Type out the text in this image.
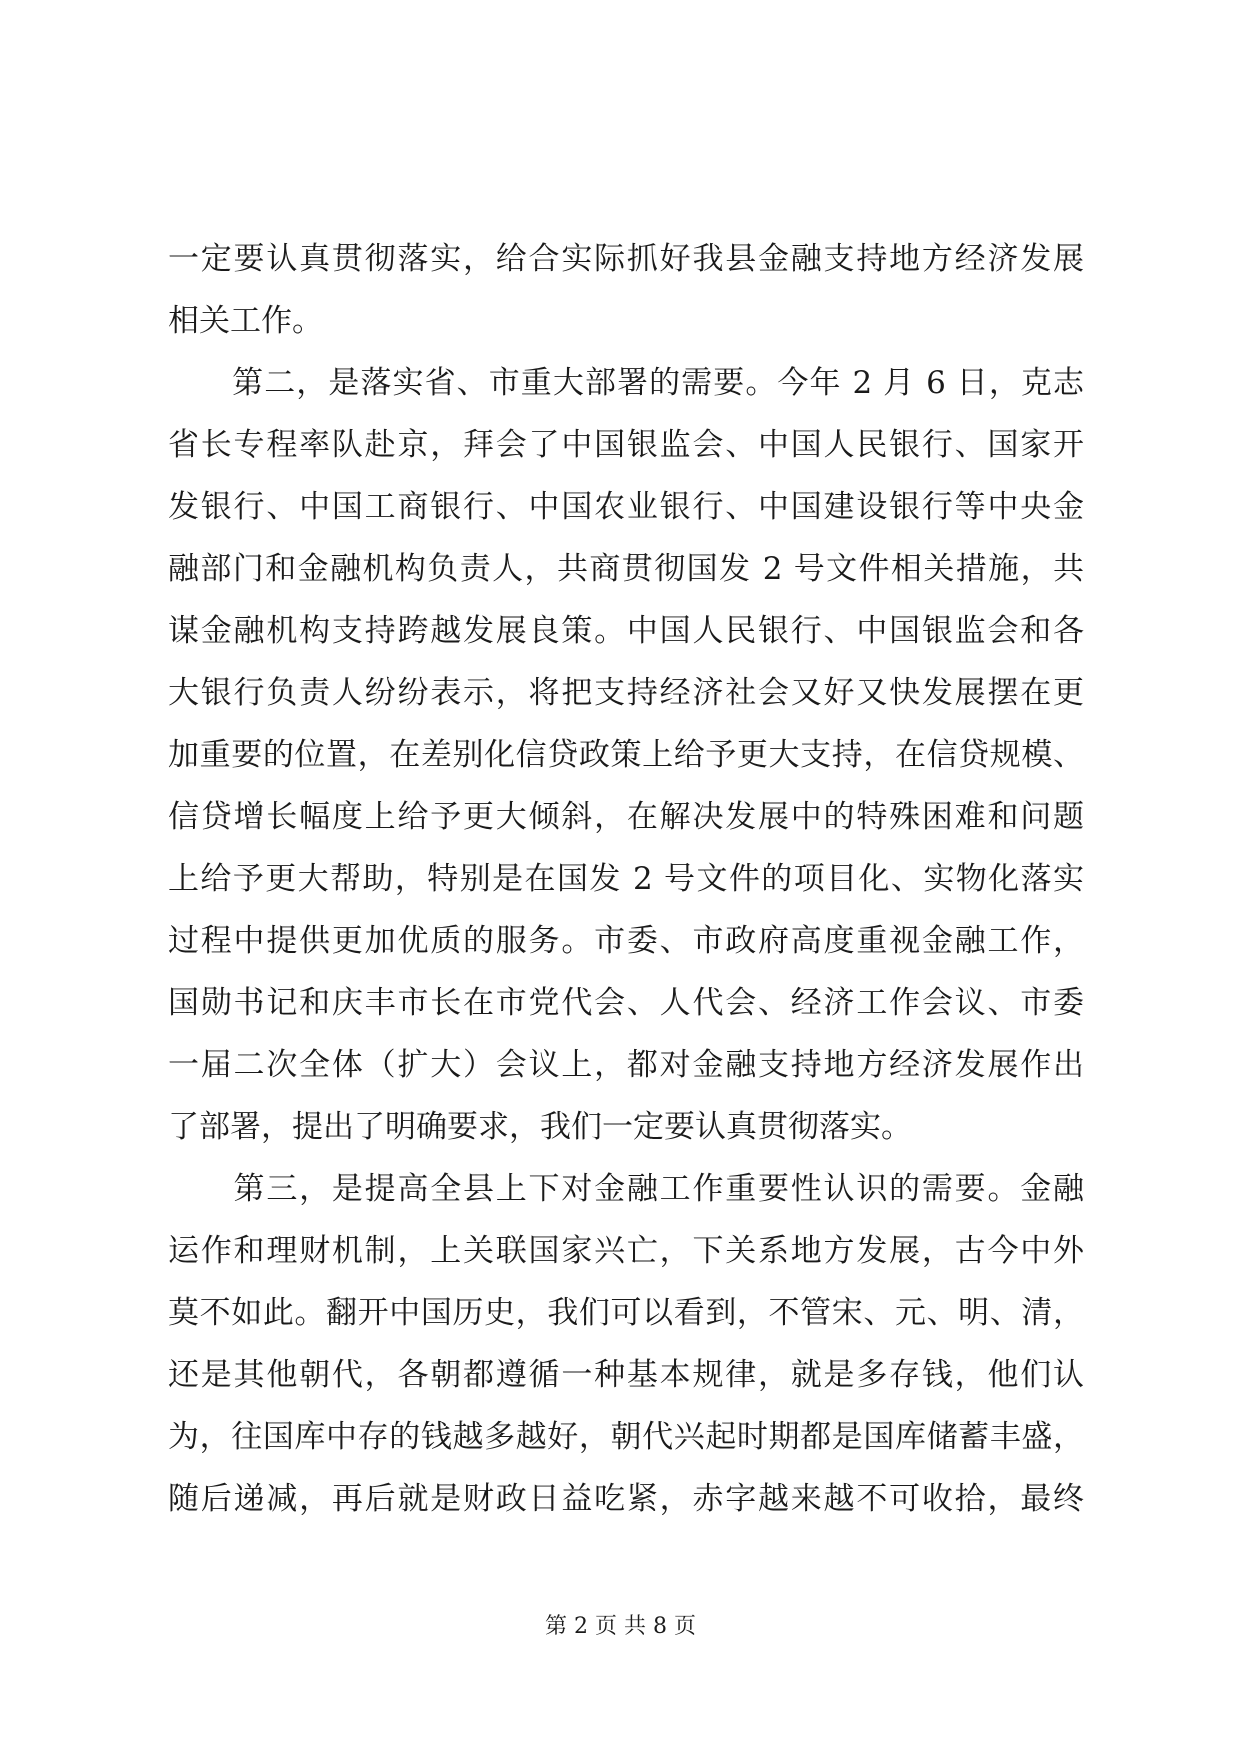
一定要认真贯彻落实，给合实际抓好我县金融支持地方经济发展
相关工作。
　　第二，是落实省、市重大部署的需要。今年 2 月 6 日，克志
省长专程率队赴京，拜会了中国银监会、中国人民银行、国家开
发银行、中国工商银行、中国农业银行、中国建设银行等中央金
融部门和金融机构负责人，共商贯彻国发 2 号文件相关措施，共
谋金融机构支持跨越发展良策。中国人民银行、中国银监会和各
大银行负责人纷纷表示，将把支持经济社会又好又快发展摆在更
加重要的位置，在差别化信贷政策上给予更大支持，在信贷规模、
信贷增长幅度上给予更大倾斜，在解决发展中的特殊困难和问题
上给予更大帮助，特别是在国发 2 号文件的项目化、实物化落实
过程中提供更加优质的服务。市委、市政府高度重视金融工作，
国勋书记和庆丰市长在市党代会、人代会、经济工作会议、市委
一届二次全体（扩大）会议上，都对金融支持地方经济发展作出
了部署，提出了明确要求，我们一定要认真贯彻落实。
　　第三，是提高全县上下对金融工作重要性认识的需要。金融
运作和理财机制，上关联国家兴亡，下关系地方发展，古今中外
莫不如此。翻开中国历史，我们可以看到，不管宋、元、明、清，
还是其他朝代，各朝都遵循一种基本规律，就是多存钱，他们认
为，往国库中存的钱越多越好，朝代兴起时期都是国库储蓄丰盛，
随后递减，再后就是财政日益吃紧，赤字越来越不可收拾，最终
第 2 页 共 8 页
